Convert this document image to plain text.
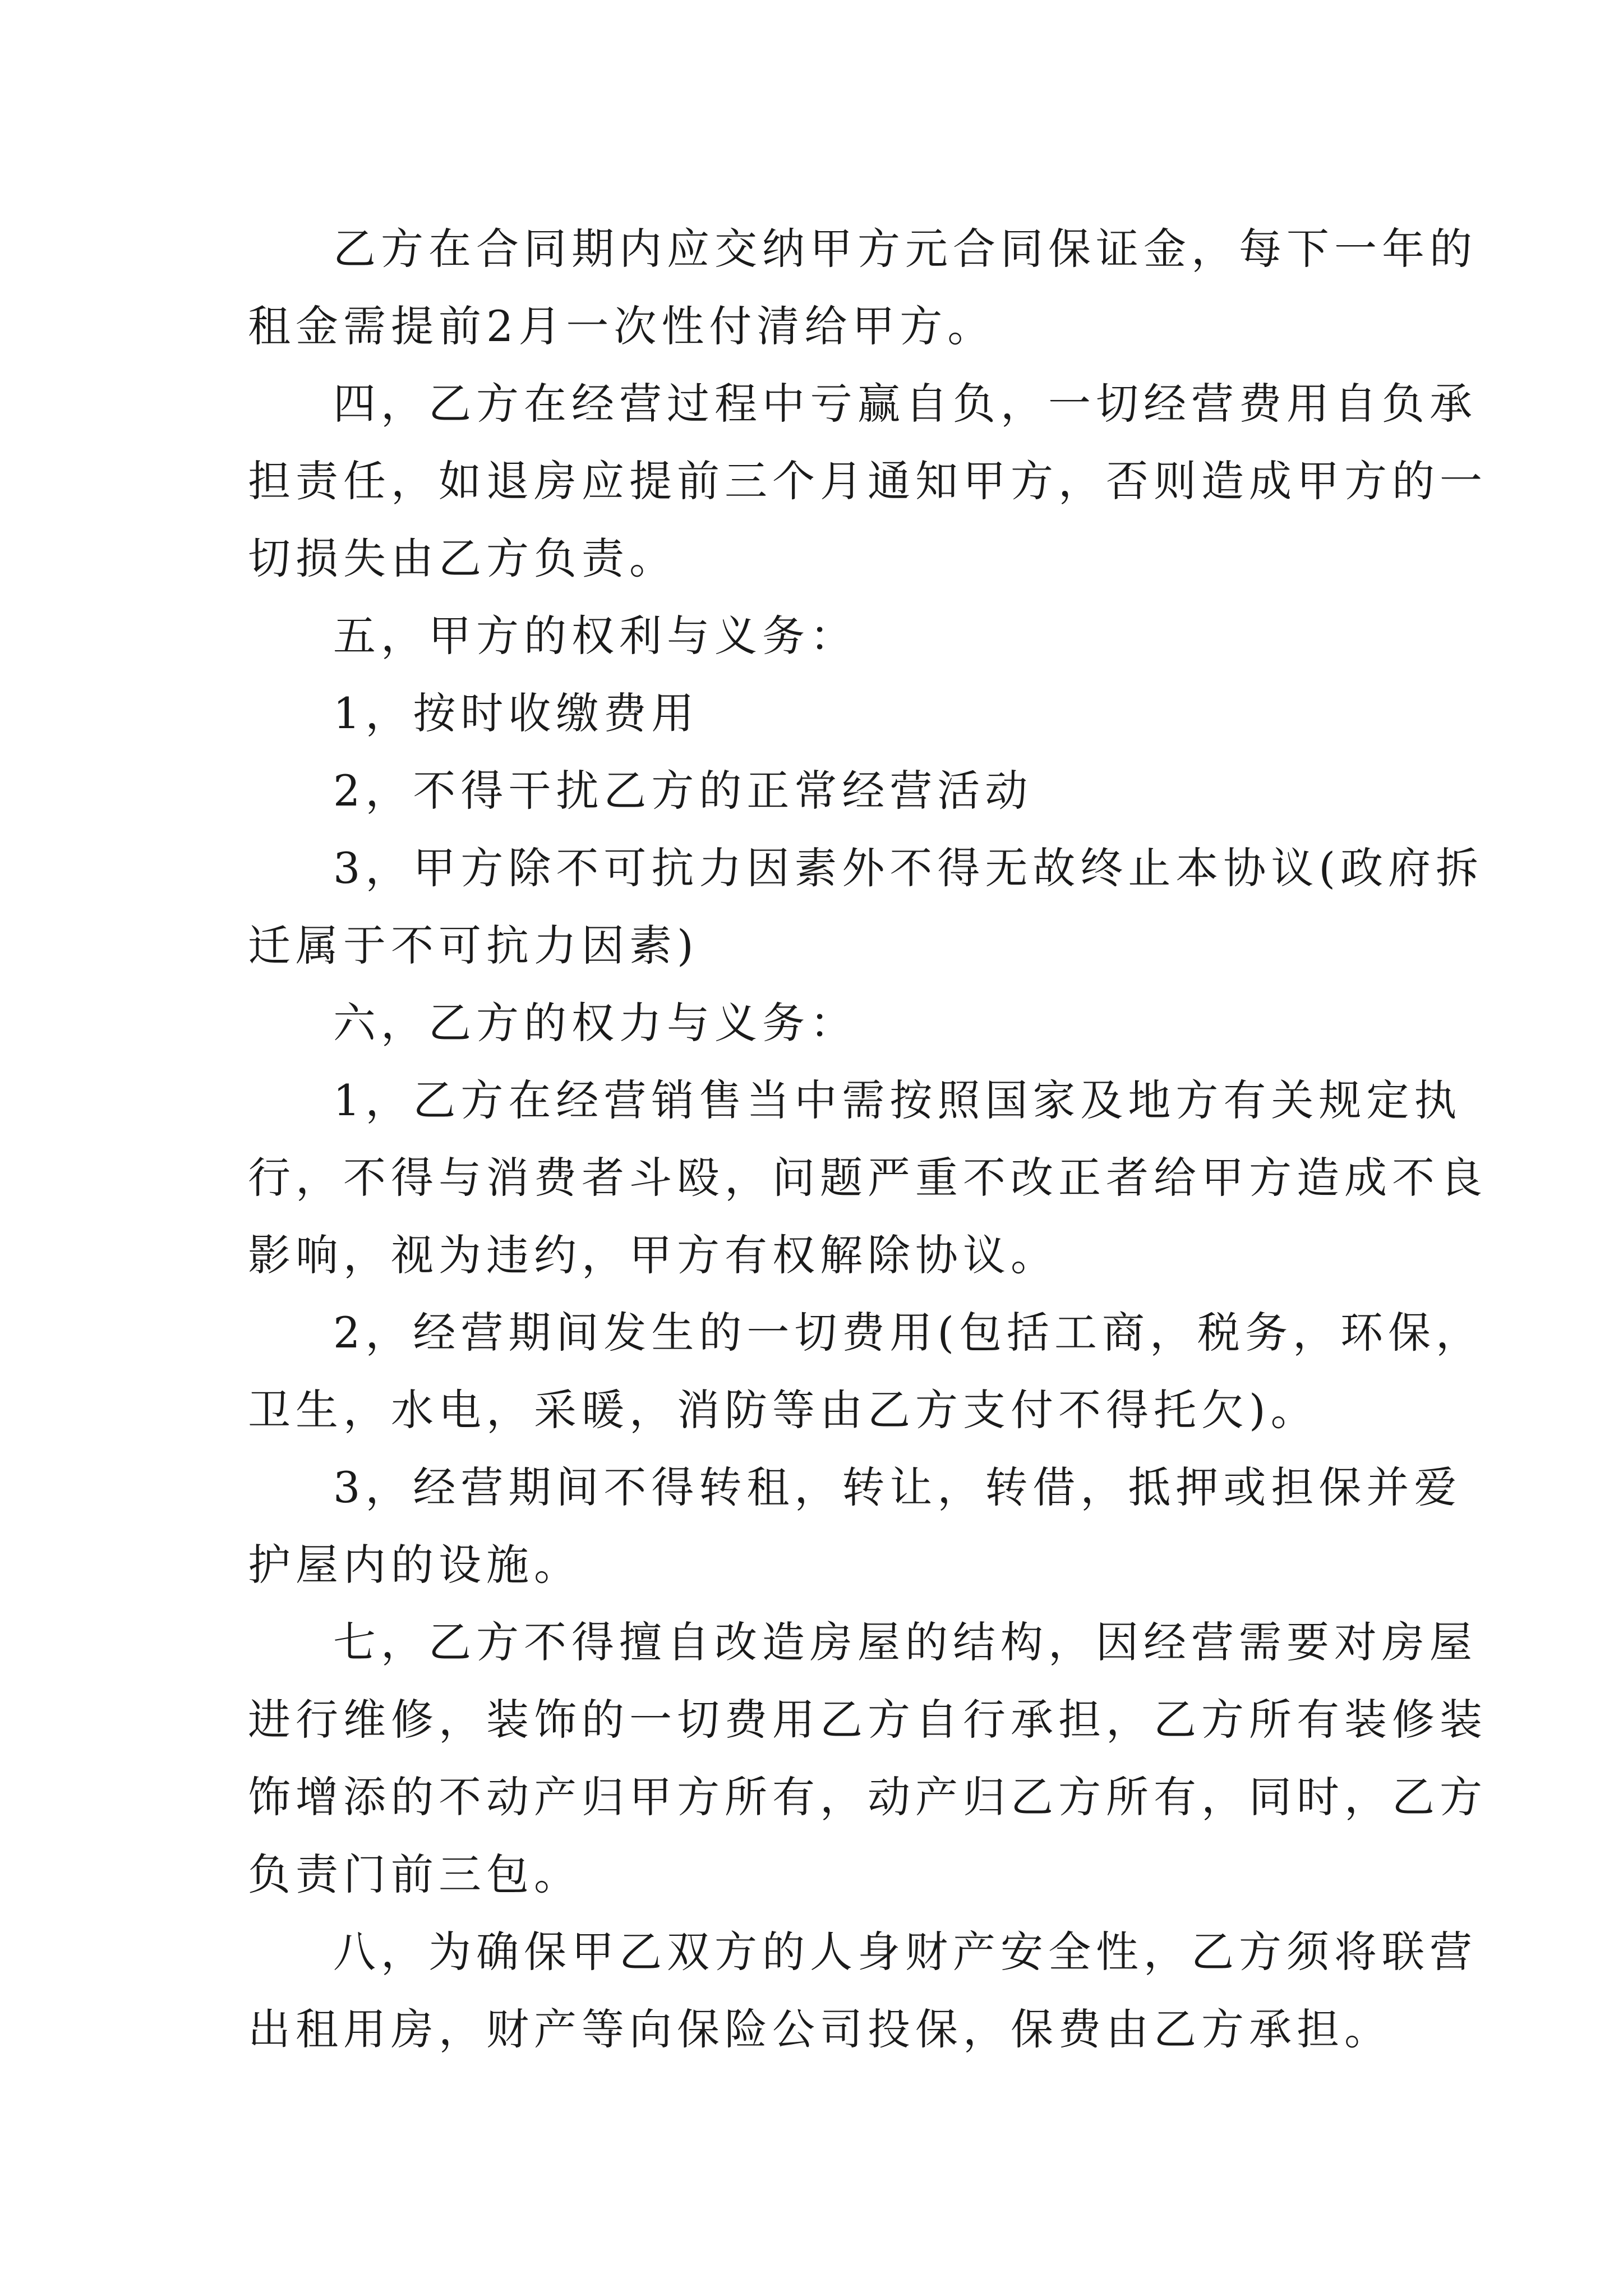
乙方在合同期内应交纳甲方元合同保证金，每下一年的
租金需提前2月一次性付清给甲方。
四，乙方在经营过程中亏赢自负，一切经营费用自负承
担责任，如退房应提前三个月通知甲方，否则造成甲方的一
切损失由乙方负责。
五，甲方的权利与义务：
1，按时收缴费用
2，不得干扰乙方的正常经营活动
3，甲方除不可抗力因素外不得无故终止本协议(政府拆
迁属于不可抗力因素)
六，乙方的权力与义务：
1，乙方在经营销售当中需按照国家及地方有关规定执
行，不得与消费者斗殴，问题严重不改正者给甲方造成不良
影响，视为违约，甲方有权解除协议。
2，经营期间发生的一切费用(包括工商，税务，环保，
卫生，水电，采暖，消防等由乙方支付不得托欠)。
3，经营期间不得转租，转让，转借，抵押或担保并爱
护屋内的设施。
七，乙方不得擅自改造房屋的结构，因经营需要对房屋
进行维修，装饰的一切费用乙方自行承担，乙方所有装修装
饰增添的不动产归甲方所有，动产归乙方所有，同时，乙方
负责门前三包。
八，为确保甲乙双方的人身财产安全性，乙方须将联营
出租用房，财产等向保险公司投保，保费由乙方承担。
